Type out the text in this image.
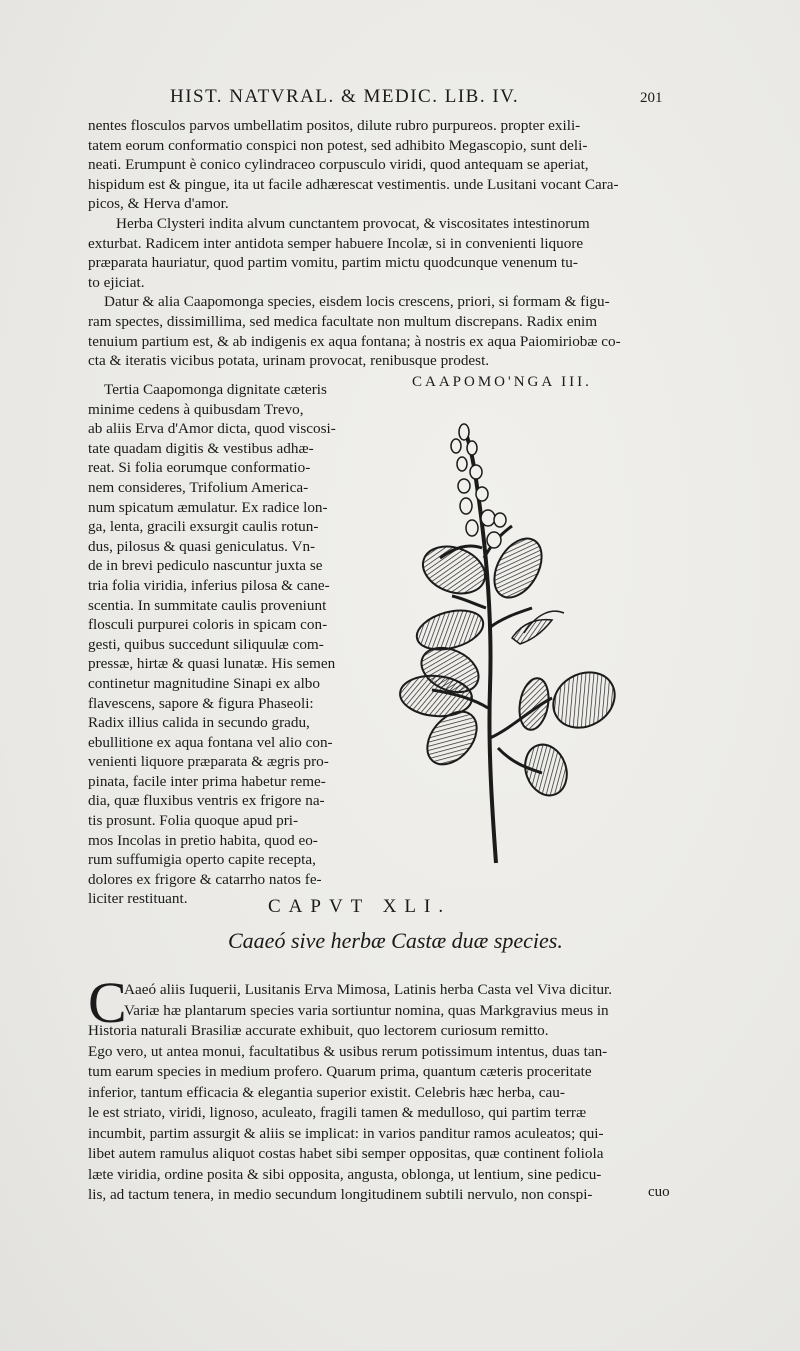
HIST. NATVRAL. & MEDIC. LIB. IV.	201
nentes flosculos parvos umbellatim positos, dilute rubro purpureos. propter exili-
tatem eorum conformatio conspici non potest, sed adhibito Megascopio, sunt deli-
neati. Erumpunt è conico cylindraceo corpusculo viridi, quod antequam se aperiat,
hispidum est & pingue, ita ut facile adhærescat vestimentis. unde Lusitani vocant Cara-
picos, & Herva d'amor.
Herba Clysteri indita alvum cunctantem provocat, & viscositates intestinorum
exturbat. Radicem inter antidota semper habuere Incolæ, si in convenienti liquore
præparata hauriatur, quod partim vomitu, partim mictu quodcunque venenum tu-
to ejiciat.
Datur & alia Caapomonga species, eisdem locis crescens, priori, si formam & figu-
ram spectes, dissimillima, sed medica facultate non multum discrepans. Radix enim
tenuium partium est, & ab indigenis ex aqua fontana; à nostris ex aqua Paiomiriobæ co-
cta & iteratis vicibus potata, urinam provocat, renibusque prodest.
Tertia Caapomonga dignitate cæteris
minime cedens à quibusdam Trevo,
ab aliis Erva d'Amor dicta, quod viscosi-
tate quadam digitis & vestibus adhæ-
reat. Si folia eorumque conformatio-
nem consideres, Trifolium America-
num spicatum æmulatur. Ex radice lon-
ga, lenta, gracili exsurgit caulis rotun-
dus, pilosus & quasi geniculatus. Vn-
de in brevi pediculo nascuntur juxta se
tria folia viridia, inferius pilosa & cane-
scentia. In summitate caulis proveniunt
flosculi purpurei coloris in spicam con-
gesti, quibus succedunt siliquulæ com-
pressæ, hirtæ & quasi lunatæ. His semen
continetur magnitudine Sinapi ex albo
flavescens, sapore & figura Phaseoli:
Radix illius calida in secundo gradu,
ebullitione ex aqua fontana vel alio con-
venienti liquore præparata & ægris pro-
pinata, facile inter prima habetur reme-
dia, quæ fluxibus ventris ex frigore na-
tis prosunt. Folia quoque apud pri-
mos Incolas in pretio habita, quod eo-
rum suffumigia operto capite recepta,
dolores ex frigore & catarrho natos fe-
liciter restituant.
CAAPOMO'NGA III.
CAPVT XLI.
Caaeó sive herbæ Castæ duæ species.
C
Aaeó aliis Iuquerii, Lusitanis Erva Mimosa, Latinis herba Casta vel Viva dicitur.
Variæ hæ plantarum species varia sortiuntur nomina, quas Markgravius meus in
Historia naturali Brasiliæ accurate exhibuit, quo lectorem curiosum remitto.
Ego vero, ut antea monui, facultatibus & usibus rerum potissimum intentus, duas tan-
tum earum species in medium profero. Quarum prima, quantum cæteris proceritate
inferior, tantum efficacia & elegantia superior existit. Celebris hæc herba, cau-
le est striato, viridi, lignoso, aculeato, fragili tamen & medulloso, qui partim terræ
incumbit, partim assurgit & aliis se implicat: in varios panditur ramos aculeatos; qui-
libet autem ramulus aliquot costas habet sibi semper oppositas, quæ continent foliola
læte viridia, ordine posita & sibi opposita, angusta, oblonga, ut lentium, sine pedicu-
lis, ad tactum tenera, in medio secundum longitudinem subtili nervulo, non conspi-	cuo
